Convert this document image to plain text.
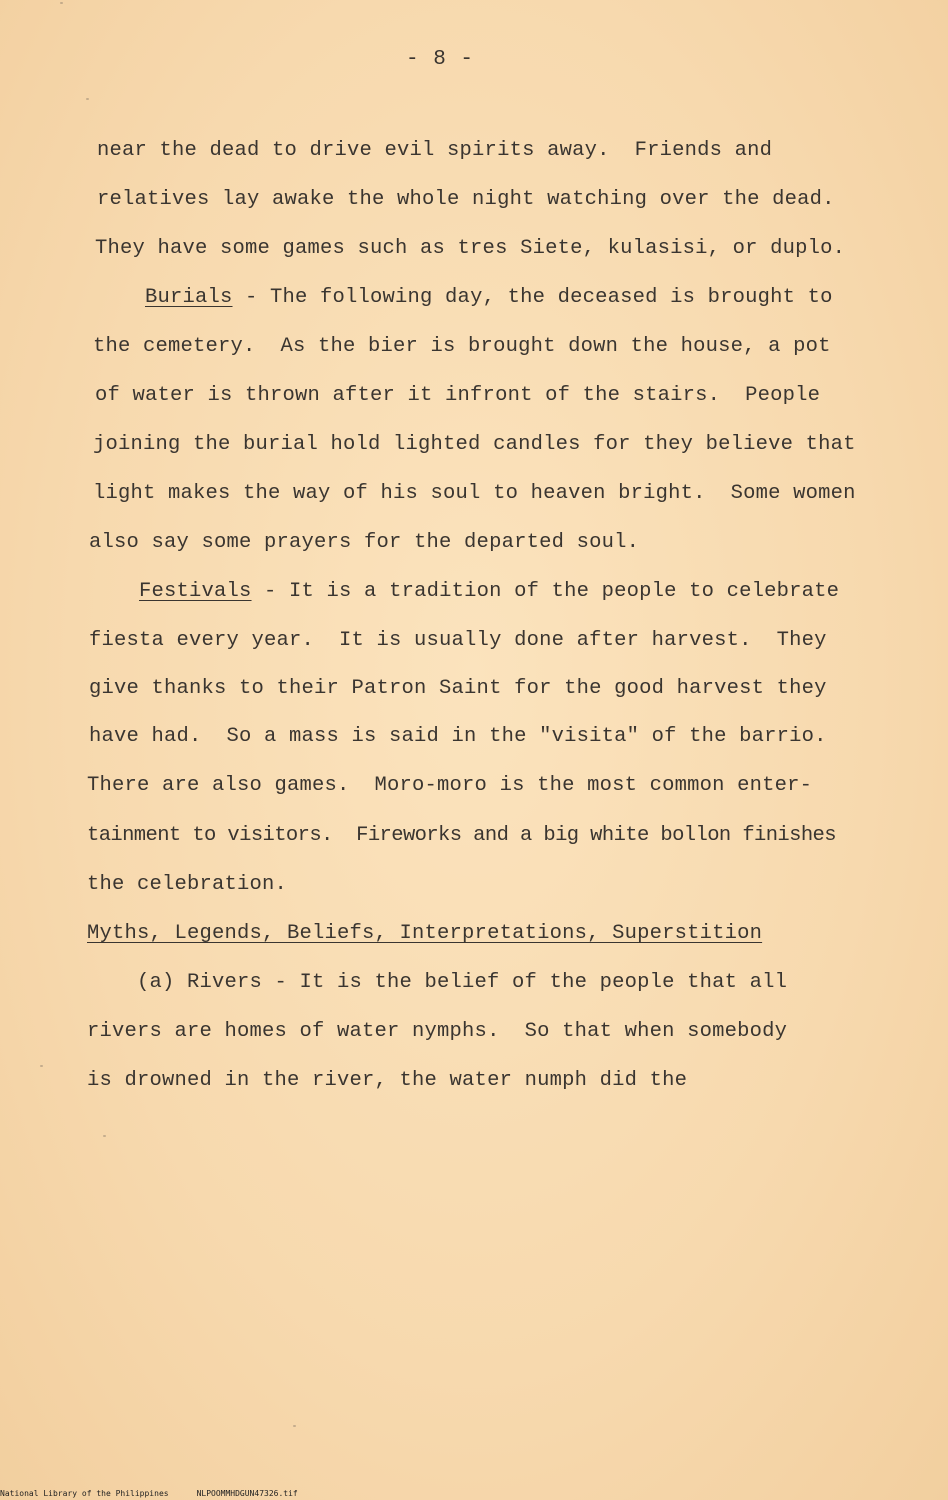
- 8 -
near the dead to drive evil spirits away.  Friends and
relatives lay awake the whole night watching over the dead.
They have some games such as tres Siete, kulasisi, or duplo.
Burials - The following day, the deceased is brought to
the cemetery.  As the bier is brought down the house, a pot
of water is thrown after it infront of the stairs.  People
joining the burial hold lighted candles for they believe that
light makes the way of his soul to heaven bright.  Some women
also say some prayers for the departed soul.
Festivals - It is a tradition of the people to celebrate
fiesta every year.  It is usually done after harvest.  They
give thanks to their Patron Saint for the good harvest they
have had.  So a mass is said in the "visita" of the barrio.
There are also games.  Moro-moro is the most common enter-
tainment to visitors.  Fireworks and a big white bollon finishes
the celebration.
Myths, Legends, Beliefs, Interpretations, Superstition
(a) Rivers - It is the belief of the people that all
rivers are homes of water nymphs.  So that when somebody
is drowned in the river, the water numph did the
National Library of the Philippines	NLPOOMMHDGUN47326.tif
